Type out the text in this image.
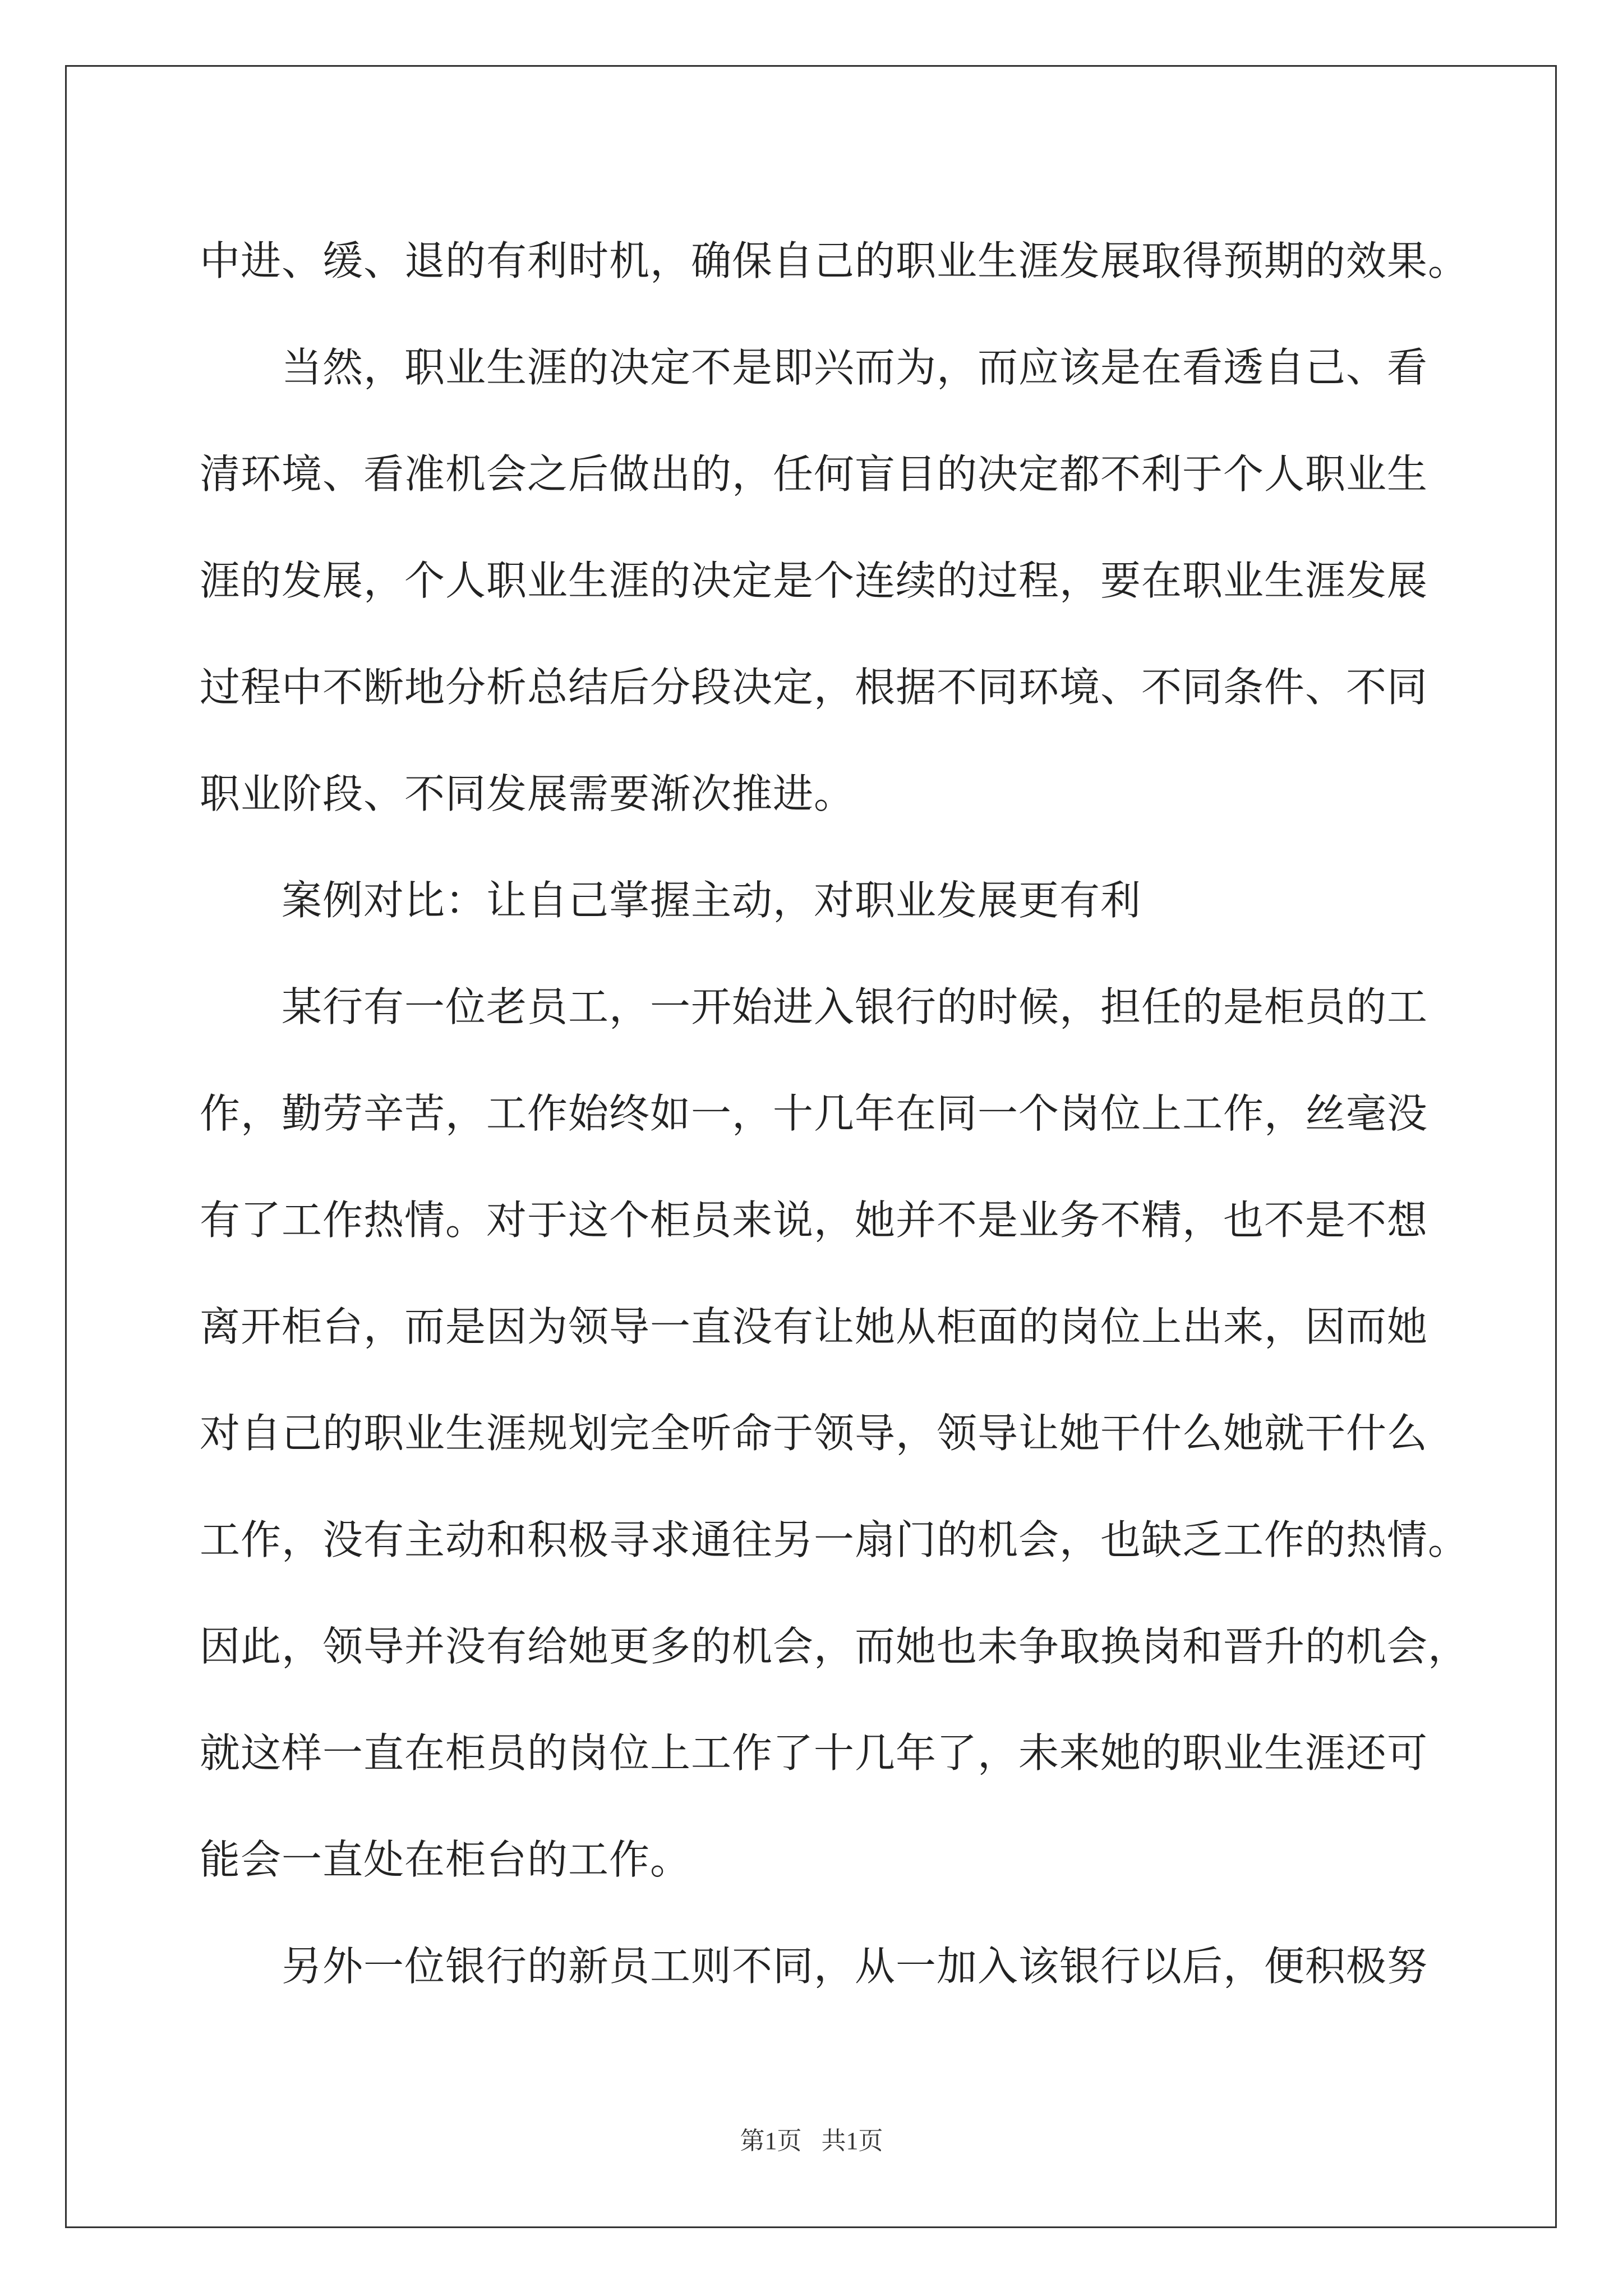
中进、缓、退的有利时机，确保自己的职业生涯发展取得预期的效果。
　　当然，职业生涯的决定不是即兴而为，而应该是在看透自己、看
清环境、看准机会之后做出的，任何盲目的决定都不利于个人职业生
涯的发展，个人职业生涯的决定是个连续的过程，要在职业生涯发展
过程中不断地分析总结后分段决定，根据不同环境、不同条件、不同
职业阶段、不同发展需要渐次推进。
　　案例对比：让自己掌握主动，对职业发展更有利
　　某行有一位老员工，一开始进入银行的时候，担任的是柜员的工
作，勤劳辛苦，工作始终如一，十几年在同一个岗位上工作，丝毫没
有了工作热情。对于这个柜员来说，她并不是业务不精，也不是不想
离开柜台，而是因为领导一直没有让她从柜面的岗位上出来，因而她
对自己的职业生涯规划完全听命于领导，领导让她干什么她就干什么
工作，没有主动和积极寻求通往另一扇门的机会，也缺乏工作的热情。
因此，领导并没有给她更多的机会，而她也未争取换岗和晋升的机会，
就这样一直在柜员的岗位上工作了十几年了，未来她的职业生涯还可
能会一直处在柜台的工作。
　　另外一位银行的新员工则不同，从一加入该银行以后，便积极努
第1页 共1页
